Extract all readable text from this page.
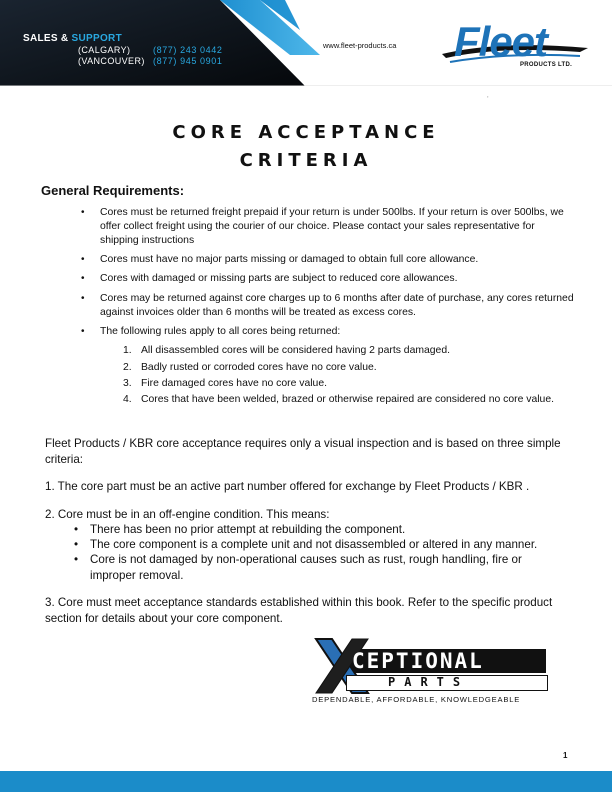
SALES & SUPPORT
(CALGARY)	(877) 243 0442
(VANCOUVER) (877) 945 0901
www.fleet-products.ca Fleet
PRODUCTS LTD.
,
CORE ACCEPTANCE
CRITERIA
General Requirements:
• Cores must be returned freight prepaid if your return is under 500lbs. If your return is over 500lbs, we offer collect freight using the courier of our choice. Please contact your sales representative for shipping instructions
• Cores must have no major parts missing or damaged to obtain full core allowance.
• Cores with damaged or missing parts are subject to reduced core allowances.
• Cores may be returned against core charges up to 6 months after date of purchase, any cores returned against invoices older than 6 months will be treated as excess cores.
• The following rules apply to all cores being returned:
1. All disassembled cores will be considered having 2 parts damaged.
2. Badly rusted or corroded cores have no core value.
3. Fire damaged cores have no core value.
4. Cores that have been welded, brazed or otherwise repaired are considered no core value.
Fleet Products / KBR core acceptance requires only a visual inspection and is based on three simple criteria:
1. The core part must be an active part number offered for exchange by Fleet Products / KBR .
2. Core must be in an off-engine condition. This means:
• There has been no prior attempt at rebuilding the component.
• The core component is a complete unit and not disassembled or altered in any manner.
• Core is not damaged by non-operational causes such as rust, rough handling, fire or improper removal.
3. Core must meet acceptance standards established within this book. Refer to the specific product section for details about your core component.
CEPTIONAL
PARTS
DEPENDABLE, AFFORDABLE, KNOWLEDGEABLE
1
